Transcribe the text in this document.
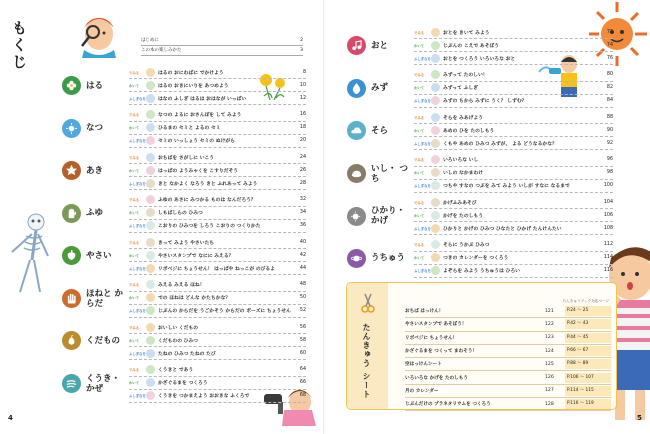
もくじ	はじめに	2
この本の楽しみかた	3
はる
でみる	はるの おにわばに でかけよう	8
かいて	はるの おきにいりを あつめよう	10
ふしぎなを	はなの ふしぎ はるは おはなが いっぱい	12
なつ
でみる	なつの よるに おさんぽを して みよう	16
かいて	ひるまの セミと よるの セミ	18
ふしぎなを	セミの いっしょう セミの ぬけがら	20
あき
でみる	おちばを さがしに いこう	24
かいて	はっぱの ようみゃくを こすりだそう	26
ふしぎなを	きと なかよく なろう きと ふれあって みよう	28
ふゆ
でみる	ふゆの あさに みつかる ものは なんだろう？	32
かいて	しもばしらの ひみつ	34
ふしぎなを	こおりの ひみつを しろう こおりの つくりかた	36
やさい
でみる	きって みよう やさいたち	40
かいて	やさいスタンプで なにに みえる？	42
ふしぎなを	リボベジに ちょうせん！ はっぱや ねっこが のびるよ	44
ほねと からだ
でみる	みえる みえる ほね！	48
かいて	での ほねは どんな かたちかな？	50
ふしぎなを	じぶんの からだを うごかそう からだの ポーズに ちょうせん	52
くだもの
でみる	おいしい くだもの	56
かいて	くだものの ひみつ	58
ふしぎなを	たねの ひみつ たねの たび	60
くうき・ かぜ
でみる	くうきと であう	64
かいて	かざぐるまを つくろう	66
ふしぎなを	くうきを つかまえよう おおきな ふくろで	68
4
おと
でみる	おとを きいて みよう	72
かいて	じぶんの こえで あそぼう	74
ふしぎなを	おとを つくろう いろいろな おと	76
みず
でみる	みずって たのしい！	80
かいて	みずって ふしぎ	82
ふしぎなを	みずの ちから みずに うく？ しずむ？	84
そら
でみる	そらを みあげよう	88
かいて	あめの ひを たのしもう	90
ふしぎなを	くもや あめの ひみつ みずが、 よる どうなるかな？	92
いし・ つち
でみる	いろいろな いし	96
かいて	いしの なかまわけ	98
ふしぎなを	つちや すなの つぶを みて みよう いしが すなに なるまで	100
ひかり・ かげ
でみる	かげふみあそび	104
かいて	かげを たのしもう	106
ふしぎなを	ひかりと かげの ひみつ ひなたと ひかげ たんけんたい	108
うちゅう
でみる	そらに うかぶ ひみつ	112
かいて	つきの カレンダーを つくろう	114
ふしぎなを	よぞらを みよう うちゅうは ひろい	116
5
たんきゅう シート
たんきゅうブック対応ページ
おちば はっけん！	121	P.24 〜 25
やさいスタンプで あそぼう！	122	P.42 〜 43
リボベジに ちょうせん！	123	P.44 〜 45
かざぐるまを つくって まわそう！	124	P.66 〜 67
空はっけんシート	125	P.88 〜 89
いろいろな かげを たのしもう	126	P.106 〜 107
月の カレンダー	127	P.114 〜 115
じぶんだけの プラネタリウムを つくろう	128	P.116 〜 119
